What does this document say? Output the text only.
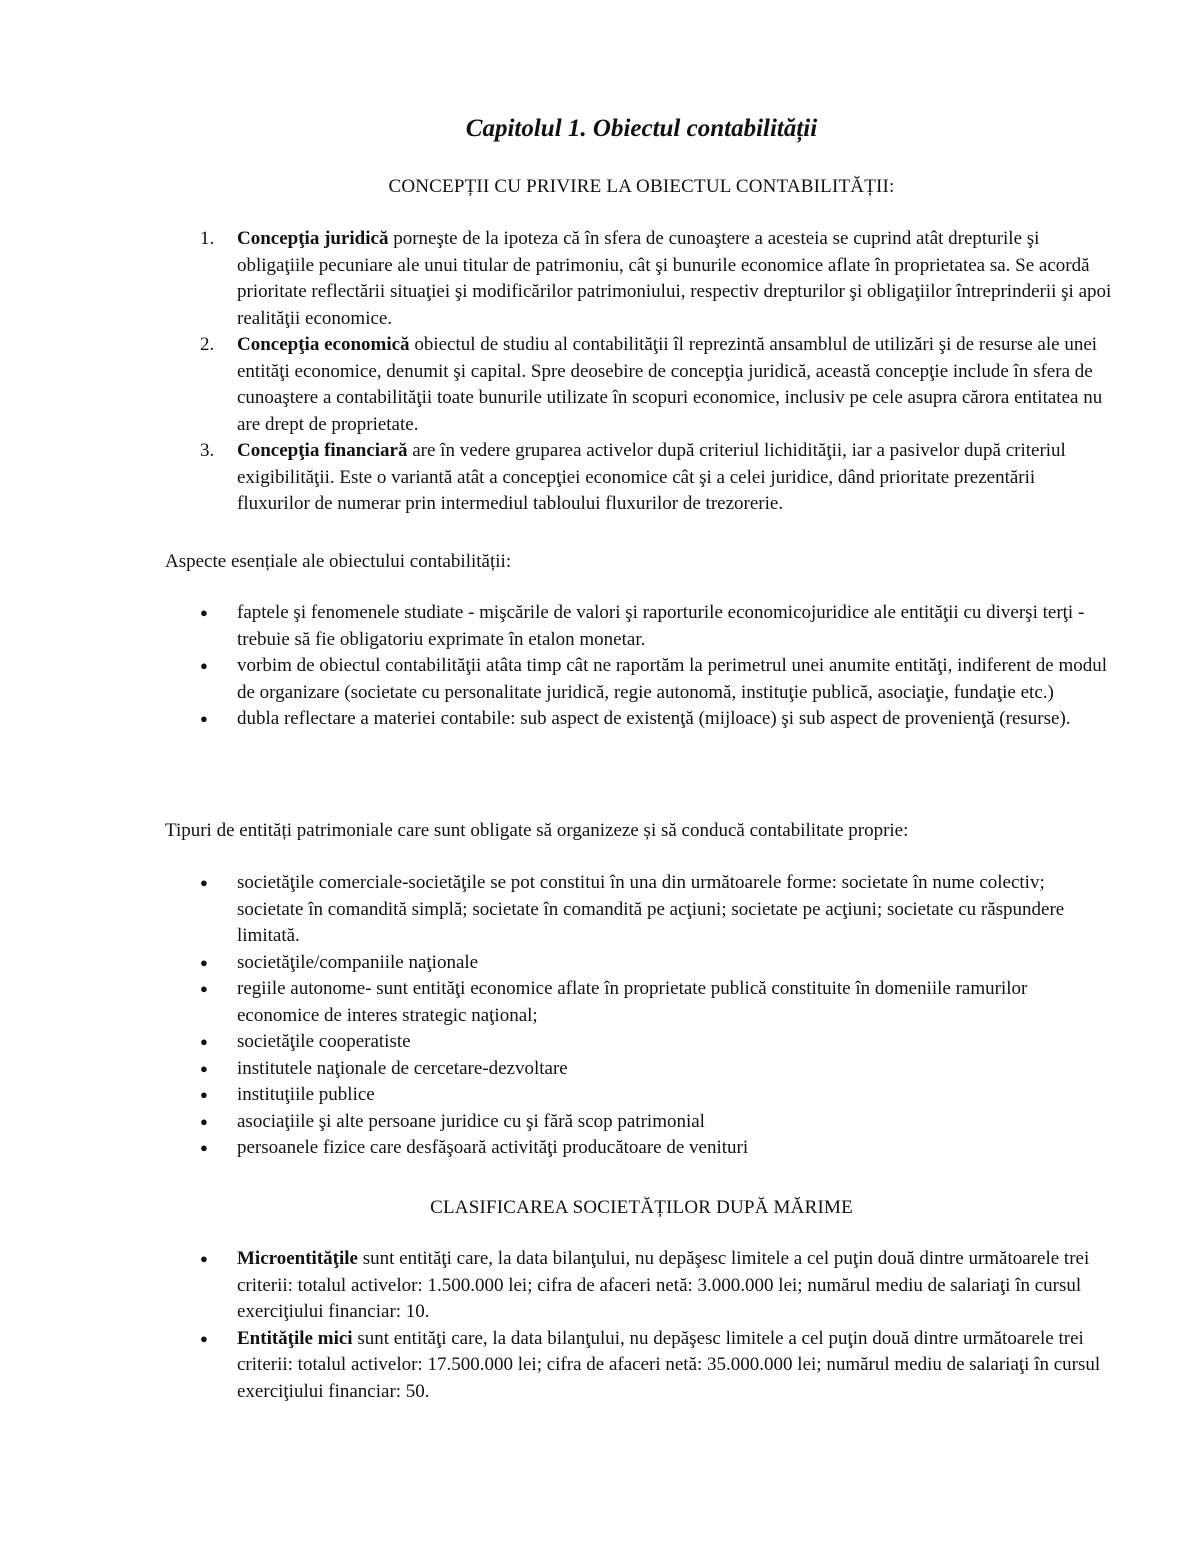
Capitolul 1. Obiectul contabilității

CONCEPȚII CU PRIVIRE LA OBIECTUL CONTABILITĂȚII:

1.	Concepţia juridică porneşte de la ipoteza că în sfera de cunoaştere a acesteia se cuprind atât drepturile şi obligaţiile pecuniare ale unui titular de patrimoniu, cât şi bunurile economice aflate în proprietatea sa. Se acordă prioritate reflectării situaţiei şi modificărilor patrimoniului, respectiv drepturilor şi obligaţiilor întreprinderii şi apoi realităţii economice.
2.	Concepţia economică obiectul de studiu al contabilităţii îl reprezintă ansamblul de utilizări şi de resurse ale unei entităţi economice, denumit şi capital. Spre deosebire de concepţia juridică, această concepţie include în sfera de cunoaştere a contabilităţii toate bunurile utilizate în scopuri economice, inclusiv pe cele asupra cărora entitatea nu are drept de proprietate.
3.	Concepţia financiară are în vedere gruparea activelor după criteriul lichidităţii, iar a pasivelor după criteriul exigibilităţii. Este o variantă atât a concepţiei economice cât şi a celei juridice, dând prioritate prezentării fluxurilor de numerar prin intermediul tabloului fluxurilor de trezorerie.

Aspecte esențiale ale obiectului contabilității:

●	faptele şi fenomenele studiate - mişcările de valori şi raporturile economicojuridice ale entităţii cu diverşi terţi - trebuie să fie obligatoriu exprimate în etalon monetar.
●	vorbim de obiectul contabilităţii atâta timp cât ne raportăm la perimetrul unei anumite entităţi, indiferent de modul de organizare (societate cu personalitate juridică, regie autonomă, instituţie publică, asociaţie, fundaţie etc.)
●	dubla reflectare a materiei contabile: sub aspect de existenţă (mijloace) şi sub aspect de provenienţă (resurse).

Tipuri de entități patrimoniale care sunt obligate să organizeze și să conducă contabilitate proprie:

●	societăţile comerciale-societăţile se pot constitui în una din următoarele forme: societate în nume colectiv; societate în comandită simplă; societate în comandită pe acţiuni; societate pe acţiuni; societate cu răspundere limitată.
●	societăţile/companiile naţionale
●	regiile autonome- sunt entităţi economice aflate în proprietate publică constituite în domeniile ramurilor economice de interes strategic naţional;
●	societăţile cooperatiste
●	institutele naţionale de cercetare-dezvoltare
●	instituţiile publice
●	asociaţiile şi alte persoane juridice cu şi fără scop patrimonial
●	persoanele fizice care desfăşoară activităţi producătoare de venituri

CLASIFICAREA SOCIETĂȚILOR DUPĂ MĂRIME

●	Microentităţile sunt entităţi care, la data bilanţului, nu depăşesc limitele a cel puţin două dintre următoarele trei criterii: totalul activelor: 1.500.000 lei; cifra de afaceri netă: 3.000.000 lei; numărul mediu de salariaţi în cursul exerciţiului financiar: 10.
●	Entităţile mici sunt entităţi care, la data bilanţului, nu depăşesc limitele a cel puţin două dintre următoarele trei criterii: totalul activelor: 17.500.000 lei; cifra de afaceri netă: 35.000.000 lei; numărul mediu de salariaţi în cursul exerciţiului financiar: 50.
